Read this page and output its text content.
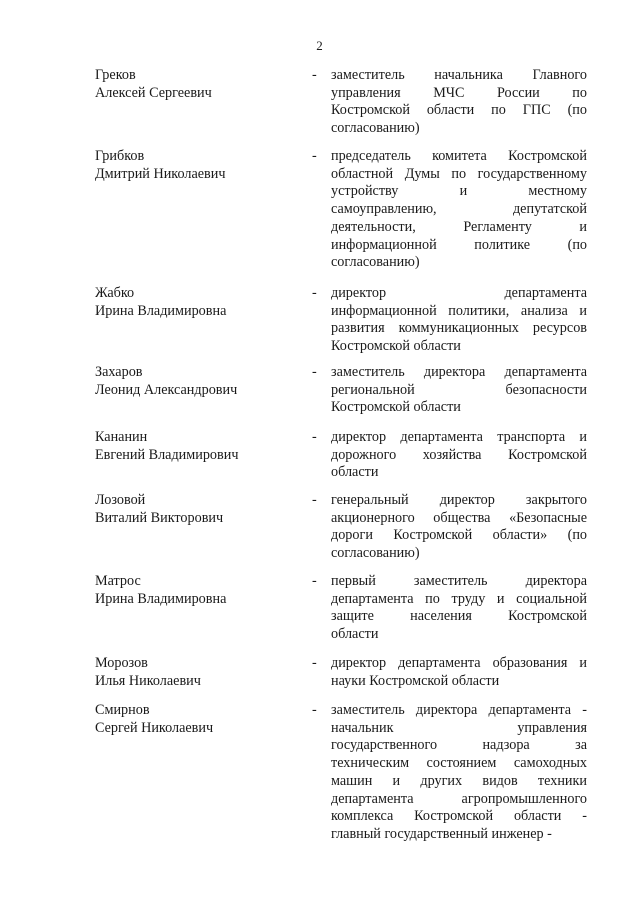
2
Греков
Алексей Сергеевич
- заместитель начальника Главного
управления МЧС России по
Костромской области по ГПС (по
согласованию)
Грибков
Дмитрий Николаевич
- председатель комитета Костромской
областной Думы по государственному
устройству и местному
самоуправлению, депутатской
деятельности, Регламенту и
информационной политике (по
согласованию)
Жабко
Ирина Владимировна
- директор департамента
информационной политики, анализа и
развития коммуникационных ресурсов
Костромской области
Захаров
Леонид Александрович
- заместитель директора департамента
региональной безопасности
Костромской области
Кананин
Евгений Владимирович
- директор департамента транспорта и
дорожного хозяйства Костромской
области
Лозовой
Виталий Викторович
- генеральный директор закрытого
акционерного общества «Безопасные
дороги Костромской области» (по
согласованию)
Матрос
Ирина Владимировна
- первый заместитель директора
департамента по труду и социальной
защите населения Костромской
области
Морозов
Илья Николаевич
- директор департамента образования и
науки Костромской области
Смирнов
Сергей Николаевич
- заместитель директора департамента -
начальник управления
государственного надзора за
техническим состоянием самоходных
машин и других видов техники
департамента агропромышленного
комплекса Костромской области -
главный государственный инженер -
